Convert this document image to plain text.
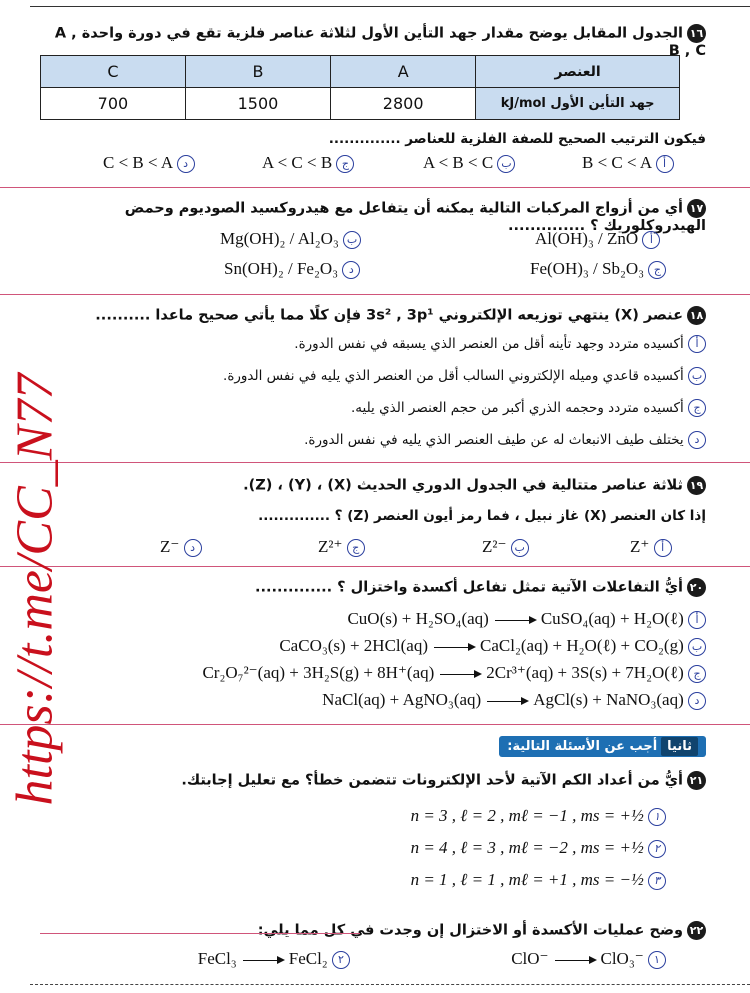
١٦الجدول المقابل يوضح مقدار جهد التأين الأول لثلاثة عناصر فلزية تقع في دورة واحدة A , B , C
C	B	A	العنصر
700	1500	2800	جهد التأين الأول kJ/mol
فيكون الترتيب الصحيح للصفة الفلزية للعناصر ..............
B < C < A أ
A < B < C ب
A < C < B ج
C < B < A د
١٧أي من أزواج المركبات التالية يمكنه أن يتفاعل مع هيدروكسيد الصوديوم وحمض الهيدروكلوريك ؟ ..............
Al(OH)₃ / ZnO أ
Mg(OH)₂ / Al₂O₃ ب
Fe(OH)₃ / Sb₂O₃ ج
Sn(OH)₂ / Fe₂O₃ د
١٨عنصر (X) ينتهي توزيعه الإلكتروني 3s² , 3p¹ فإن كلًا مما يأتي صحيح ماعدا ..........
أ أكسيده متردد وجهد تأينه أقل من العنصر الذي يسبقه في نفس الدورة.
ب أكسيده قاعدي وميله الإلكتروني السالب أقل من العنصر الذي يليه في نفس الدورة.
ج أكسيده متردد وحجمه الذري أكبر من حجم العنصر الذي يليه.
د يختلف طيف الانبعاث له عن طيف العنصر الذي يليه في نفس الدورة.
١٩ثلاثة عناصر متتالية في الجدول الدوري الحديث (X) ، (Y) ، (Z).
إذا كان العنصر (X) غاز نبيل ، فما رمز أيون العنصر (Z) ؟ ..............
Z⁺ أ
Z²⁻ ب
Z²⁺ ج
Z⁻ د
٢٠أيُّ التفاعلات الآتية تمثل تفاعل أكسدة واختزال ؟ ..............
CuO(s) + H₂SO₄(aq)	CuSO₄(aq) + H₂O(ℓ) أ
CaCO₃(s) + 2HCl(aq)	CaCl₂(aq) + H₂O(ℓ) + CO₂(g) ب
Cr₂O₇²⁻(aq) + 3H₂S(g) + 8H⁺(aq)	2Cr³⁺(aq) + 3S(s) + 7H₂O(ℓ) ج
NaCl(aq) + AgNO₃(aq)	AgCl(s) + NaNO₃(aq) د
ثانياأجب عن الأسئلة التالية:
٢١أيُّ من أعداد الكم الآتية لأحد الإلكترونات تتضمن خطأ؟ مع تعليل إجابتك.
n = 3 , ℓ = 2 , mℓ = −1 , ms = +½ ١
n = 4 , ℓ = 3 , mℓ = −2 , ms = +½ ٢
n = 1 , ℓ = 1 , mℓ = +1 , ms = −½ ٣
٢٢وضح عمليات الأكسدة أو الاختزال إن وجدت في كل مما يلي:
ClO⁻	ClO₃⁻ ١
FeCl₃	FeCl₂ ٢
https://t.me/CC_N77
